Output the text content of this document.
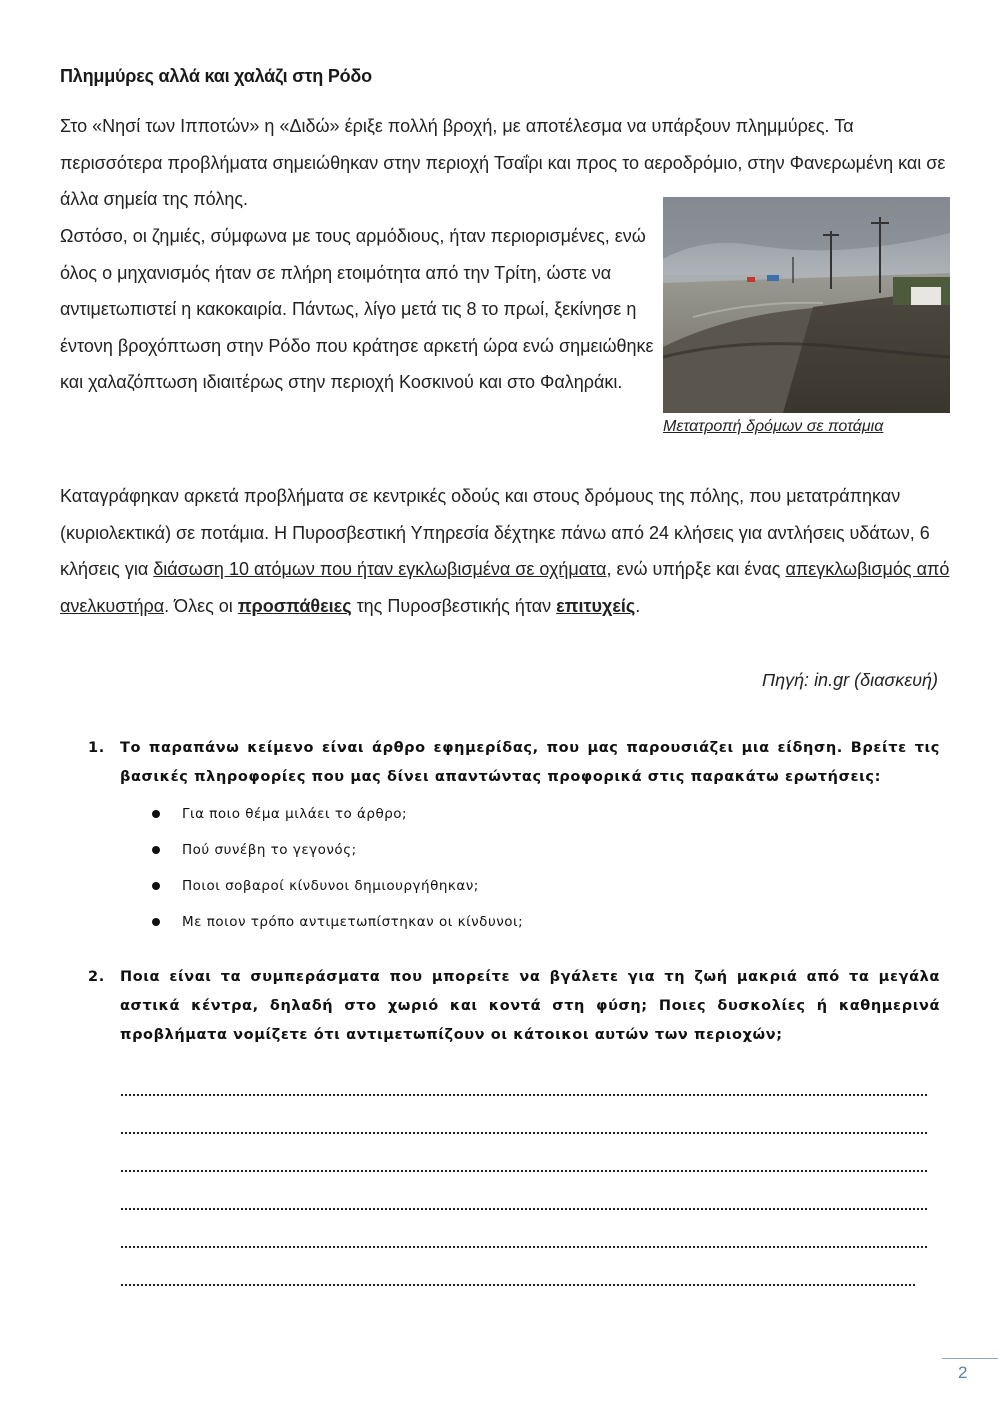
Πλημμύρες αλλά και χαλάζι στη Ρόδο
Στο «Νησί των Ιπποτών» η «Διδώ» έριξε πολλή βροχή, με αποτέλεσμα να υπάρξουν πλημμύρες. Τα περισσότερα προβλήματα σημειώθηκαν στην περιοχή Τσαΐρι και προς το αεροδρόμιο, στην Φανερωμένη και σε άλλα σημεία της πόλης.
Ωστόσο, οι ζημιές, σύμφωνα με τους αρμόδιους, ήταν περιορισμένες, ενώ όλος ο μηχανισμός ήταν σε πλήρη ετοιμότητα από την Τρίτη, ώστε να αντιμετωπιστεί η κακοκαιρία. Πάντως, λίγο μετά τις 8 το πρωί, ξεκίνησε η έντονη βροχόπτωση στην Ρόδο που κράτησε αρκετή ώρα ενώ σημειώθηκε και χαλαζόπτωση ιδιαιτέρως στην περιοχή Κοσκινού και στο Φαληράκι.
Μετατροπή δρόμων σε ποτάμια
Καταγράφηκαν αρκετά προβλήματα σε κεντρικές οδούς και στους δρόμους της πόλης, που μετατράπηκαν (κυριολεκτικά) σε ποτάμια. Η Πυροσβεστική Υπηρεσία δέχτηκε πάνω από 24 κλήσεις για αντλήσεις υδάτων, 6 κλήσεις για διάσωση 10 ατόμων που ήταν εγκλωβισμένα σε οχήματα, ενώ υπήρξε και ένας απεγκλωβισμός από ανελκυστήρα. Όλες οι προσπάθειες της Πυροσβεστικής ήταν επιτυχείς.
Πηγή: in.gr (διασκευή)
1. Το παραπάνω κείμενο είναι άρθρο εφημερίδας, που μας παρουσιάζει μια είδηση. Βρείτε τις βασικές πληροφορίες που μας δίνει απαντώντας προφορικά στις παρακάτω ερωτήσεις:
Για ποιο θέμα μιλάει το άρθρο;
Πού συνέβη το γεγονός;
Ποιοι σοβαροί κίνδυνοι δημιουργήθηκαν;
Με ποιον τρόπο αντιμετωπίστηκαν οι κίνδυνοι;
2. Ποια είναι τα συμπεράσματα που μπορείτε να βγάλετε για τη ζωή μακριά από τα μεγάλα αστικά κέντρα, δηλαδή στο χωριό και κοντά στη φύση; Ποιες δυσκολίες ή καθημερινά προβλήματα νομίζετε ότι αντιμετωπίζουν οι κάτοικοι αυτών των περιοχών;
2
